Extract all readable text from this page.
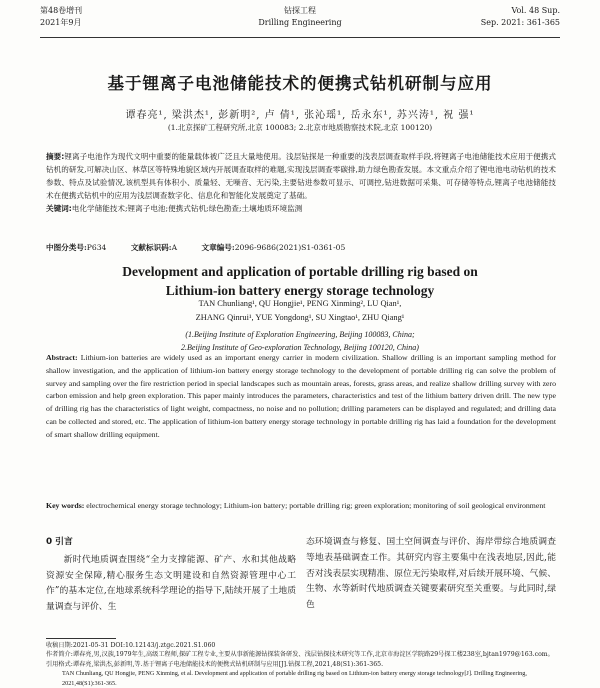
第48卷增刊
2021年9月
钻探工程
Drilling Engineering
Vol. 48 Sup.
Sep. 2021: 361-365
基于锂离子电池储能技术的便携式钻机研制与应用
谭春亮¹, 梁洪杰¹, 彭新明², 卢 倩¹, 张沁瑶¹, 岳永东¹, 苏兴涛¹, 祝 强¹
(1.北京探矿工程研究所,北京 100083; 2.北京市地质勘察技术院,北京 100120)
摘要:锂离子电池作为现代文明中重要的能量载体被广泛且大量地使用。浅层钻探是一种重要的浅表层调查取样手段,将锂离子电池储能技术应用于便携式钻机的研发,可解决山区、林草区等特殊地貌区域内开展调查取样的难题,实现浅层调查零碳排,助力绿色勘查发展。本文重点介绍了锂电池电动钻机的技术参数、特点及试验情况,该机型具有体积小、质量轻、无噪音、无污染,主要钻进参数可显示、可调控,钻进数据可采集、可存储等特点,锂离子电池储能技术在便携式钻机中的应用为浅层调查数字化、信息化和智能化发展奠定了基础。
关键词:电化学储能技术;锂离子电池;便携式钻机;绿色勘查;土壤地质环境监测
中图分类号:P634	文献标识码:A	文章编号:2096-9686(2021)S1-0361-05
Development and application of portable drilling rig based on
Lithium-ion battery energy storage technology
TAN Chunliang¹, QU Hongjie¹, PENG Xinming², LU Qian¹,
ZHANG Qinrui¹, YUE Yongdong¹, SU Xingtao¹, ZHU Qiang¹
(1.Beijing Institute of Exploration Engineering, Beijing 100083, China;
2.Beijing Institute of Geo-exploration Technology, Beijing 100120, China)
Abstract: Lithium-ion batteries are widely used as an important energy carrier in modern civilization. Shallow drilling is an important sampling method for shallow investigation, and the application of lithium-ion battery energy storage technology to the development of portable drilling rig can solve the problem of survey and sampling over the fire restriction period in special landscapes such as mountain areas, forests, grass areas, and realize shallow drilling survey with zero carbon emission and help green exploration. This paper mainly introduces the parameters, characteristics and test of the lithium battery driven drill. The new type of drilling rig has the characteristics of light weight, compactness, no noise and no pollution; drilling parameters can be displayed and regulated; and drilling data can be collected and stored, etc. The application of lithium-ion battery energy storage technology in portable drilling rig has laid a foundation for the development of smart shallow drilling equipment.
Key words: electrochemical energy storage technology; Lithium-ion battery; portable drilling rig; green exploration; monitoring of soil geological environment
0 引言
新时代地质调查围绕“全力支撑能源、矿产、水和其他战略资源安全保障,精心服务生态文明建设和自然资源管理中心工作”的基本定位,在地球系统科学理论的指导下,陆续开展了土地质量调查与评价、生
态环境调查与修复、国土空间调查与评价、海岸带综合地质调查等地表基础调查工作。其研究内容主要集中在浅表地层,因此,能否对浅表层实现精准、原位无污染取样,对后续开展环境、气候、生物、水等新时代地质调查关键要素研究至关重要。与此同时,绿色
收稿日期:2021-05-31 DOI:10.12143/j.ztgc.2021.S1.060
作者简介:谭春亮,男,汉族,1979年生,高级工程师,探矿工程专业,主要从事新能源钻探装备研发、浅层钻探技术研究等工作,北京市海淀区学院路29号探工楼238室,bjtan1979@163.com。
引用格式:谭春亮,梁洪杰,彭新明,等.基于锂离子电池储能技术的便携式钻机研制与应用[J].钻探工程,2021,48(S1):361-365.
TAN Chunliang, QU Hongjie, PENG Xinming, et al. Development and application of portable drilling rig based on Lithium-ion battery energy storage technology[J]. Drilling Engineering, 2021,48(S1):361-365.
